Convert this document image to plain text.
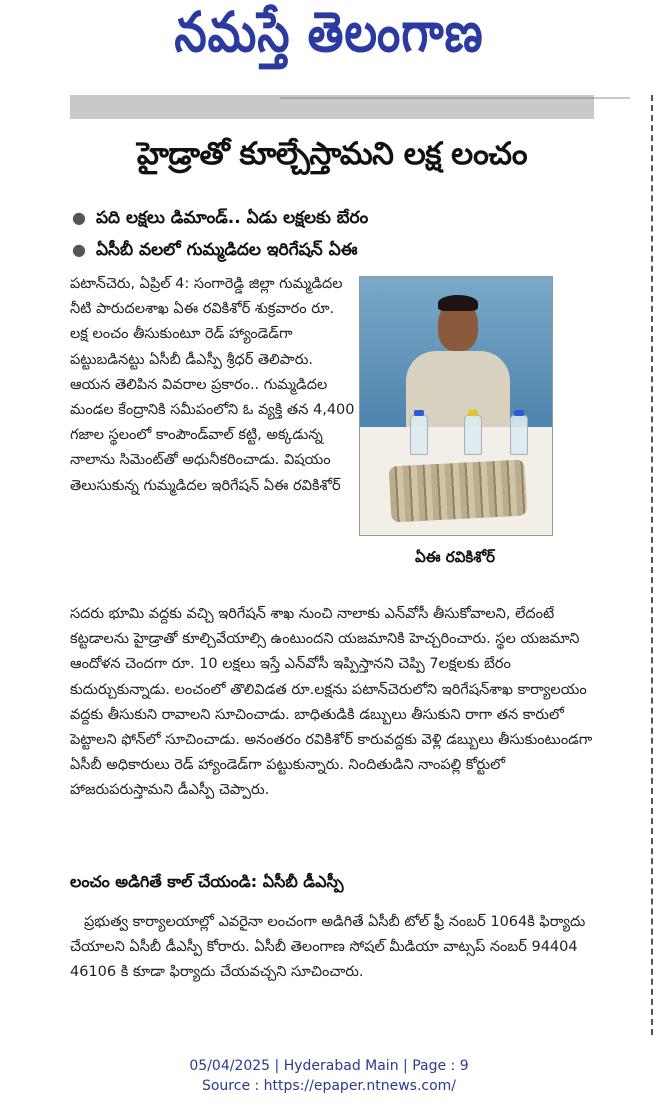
నమస్తే తెలంగాణ
హైడ్రాతో కూల్చేస్తామని లక్ష లంచం
● పది లక్షలు డిమాండ్.. ఏడు లక్షలకు బేరం
● ఏసీబీ వలలో గుమ్మడిదల ఇరిగేషన్ ఏఈ

పటాన్‌చెరు, ఏప్రిల్ 4: సంగారెడ్డి జిల్లా గుమ్మడిదల నీటి పారుదలశాఖ ఏఈ రవికిశోర్ శుక్రవారం రూ. లక్ష లంచం తీసుకుంటూ రెడ్ హ్యాండెడ్‌గా పట్టుబడినట్టు ఏసీబీ డీఎస్పీ శ్రీధర్ తెలిపారు. ఆయన తెలిపిన వివరాల ప్రకారం.. గుమ్మడిదల మండల కేంద్రానికి సమీపంలోని ఓ వ్యక్తి తన 4,400 గజాల స్థలంలో కాంపౌండ్‌వాల్ కట్టి, అక్కడున్న నాలాను సిమెంట్‌తో అధునీకరించాడు. విషయం తెలుసుకున్న గుమ్మడిదల ఇరిగేషన్ ఏఈ రవికిశోర్

ఏఈ రవికిశోర్

సదరు భూమి వద్దకు వచ్చి ఇరిగేషన్ శాఖ నుంచి నాలాకు ఎన్‌వోసీ తీసుకోవాలని, లేదంటే కట్టడాలను హైడ్రాతో కూల్చివేయాల్సి ఉంటుందని యజమానికి హెచ్చరించారు. స్థల యజమాని ఆందోళన చెందగా రూ. 10 లక్షలు ఇస్తే ఎన్‌వోసీ ఇప్పిస్తానని చెప్పి 7లక్షలకు బేరం కుదుర్చుకున్నాడు. లంచంలో తొలివిడత రూ.లక్షను పటాన్‌చెరులోని ఇరిగేషన్‌శాఖ కార్యాలయం వద్దకు తీసుకుని రావాలని సూచించాడు. బాధితుడికి డబ్బులు తీసుకుని రాగా తన కారులో పెట్టాలని ఫోన్‌లో సూచించాడు. అనంతరం రవికిశోర్ కారువద్దకు వెళ్లి డబ్బులు తీసుకుంటుండగా ఏసీబీ అధికారులు రెడ్ హ్యాండెడ్‌గా పట్టుకున్నారు. నిందితుడిని నాంపల్లి కోర్టులో హాజరుపరుస్తామని డీఎస్పీ చెప్పారు.

లంచం అడిగితే కాల్ చేయండి: ఏసీబీ డీఎస్పీ

ప్రభుత్వ కార్యాలయాల్లో ఎవరైనా లంచంగా అడిగితే ఏసీబీ టోల్ ఫ్రీ నంబర్ 1064కి ఫిర్యాదు చేయాలని ఏసీబీ డీఎస్పీ కోరారు. ఏసీబీ తెలంగాణ సోషల్ మీడియా వాట్సప్ నంబర్ 94404 46106 కి కూడా ఫిర్యాదు చేయవచ్చని సూచించారు.

05/04/2025 | Hyderabad Main | Page : 9
Source : https://epaper.ntnews.com/
